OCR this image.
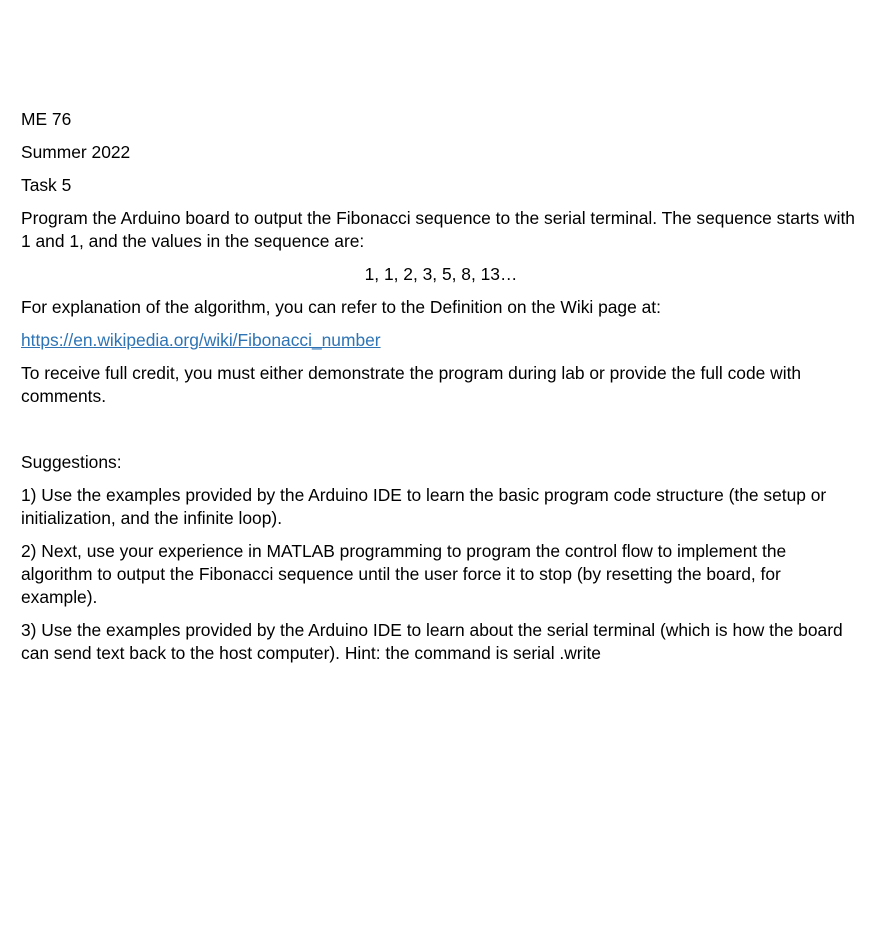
ME 76

Summer 2022

Task 5

Program the Arduino board to output the Fibonacci sequence to the serial terminal. The sequence starts with 1 and 1, and the values in the sequence are:

1, 1, 2, 3, 5, 8, 13…

For explanation of the algorithm, you can refer to the Definition on the Wiki page at:

https://en.wikipedia.org/wiki/Fibonacci_number

To receive full credit, you must either demonstrate the program during lab or provide the full code with comments.

Suggestions:

1) Use the examples provided by the Arduino IDE to learn the basic program code structure (the setup or initialization, and the infinite loop).

2) Next, use your experience in MATLAB programming to program the control flow to implement the algorithm to output the Fibonacci sequence until the user force it to stop (by resetting the board, for example).

3) Use the examples provided by the Arduino IDE to learn about the serial terminal (which is how the board can send text back to the host computer). Hint: the command is serial .write
